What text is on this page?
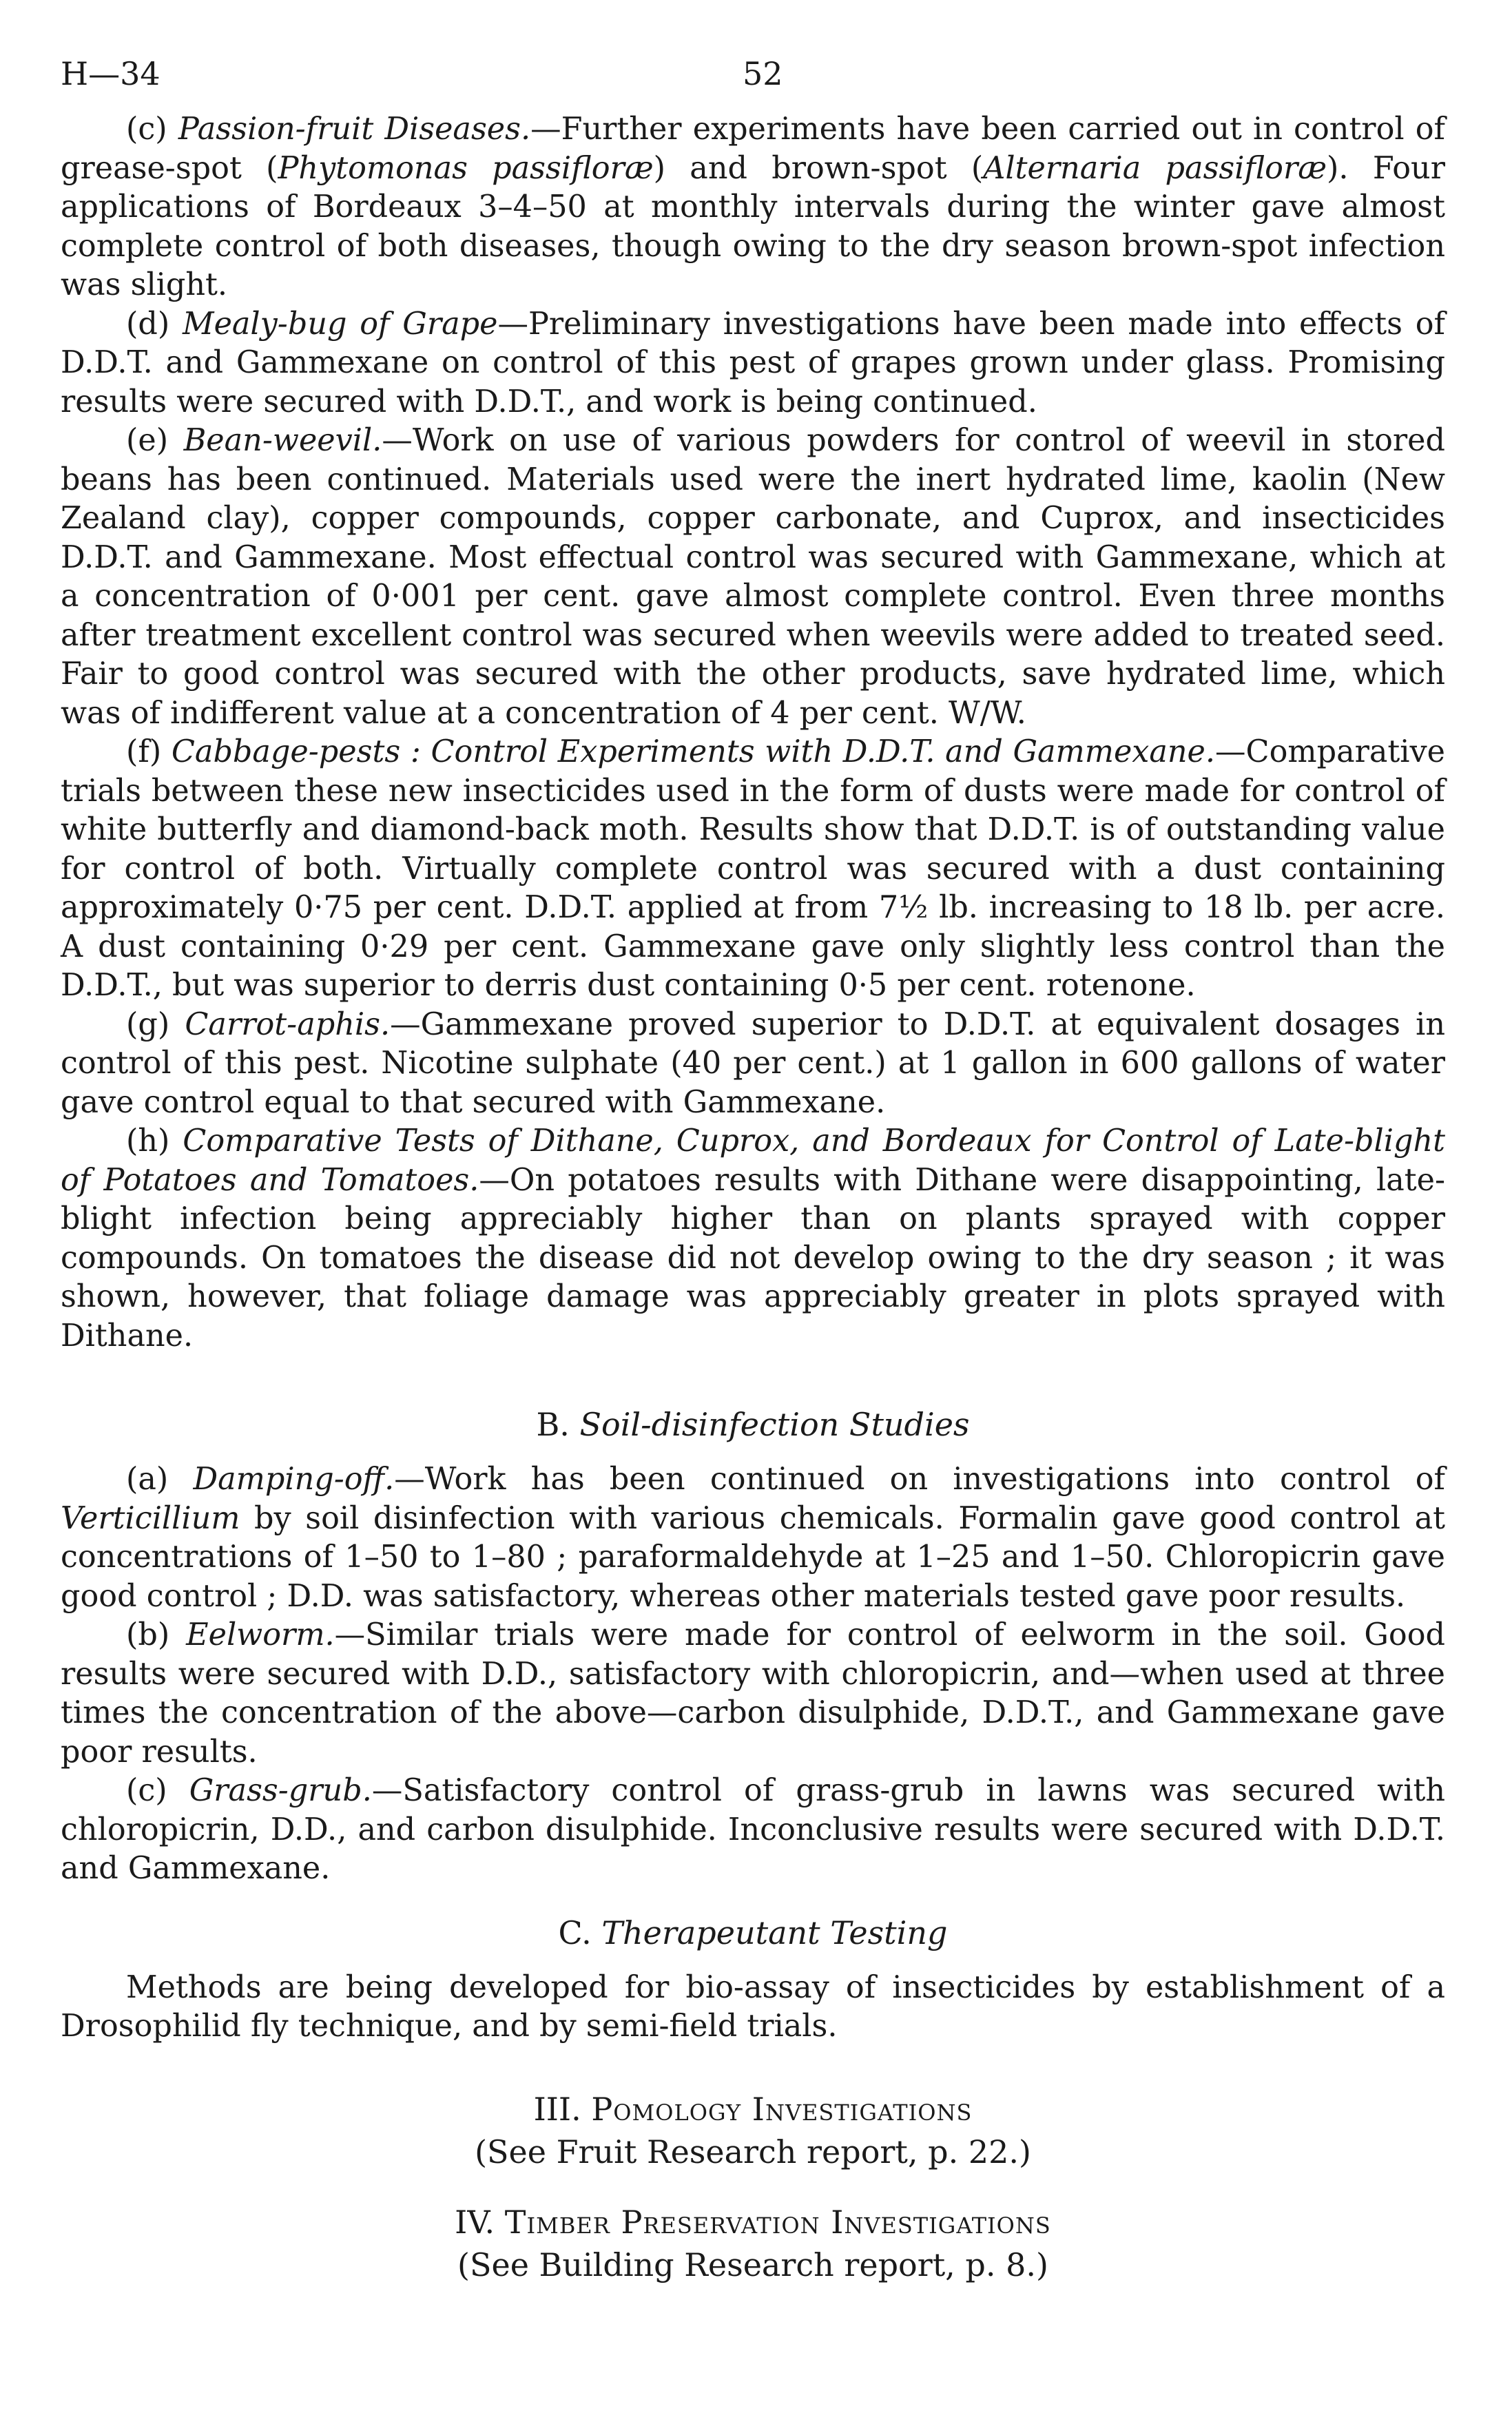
H—34	52

(c) Passion-fruit Diseases.—Further experiments have been carried out in control of grease-spot (Phytomonas passifloræ) and brown-spot (Alternaria passifloræ). Four applications of Bordeaux 3–4–50 at monthly intervals during the winter gave almost complete control of both diseases, though owing to the dry season brown-spot infection was slight.

(d) Mealy-bug of Grape—Preliminary investigations have been made into effects of D.D.T. and Gammexane on control of this pest of grapes grown under glass. Promising results were secured with D.D.T., and work is being continued.

(e) Bean-weevil.—Work on use of various powders for control of weevil in stored beans has been continued. Materials used were the inert hydrated lime, kaolin (New Zealand clay), copper compounds, copper carbonate, and Cuprox, and insecticides D.D.T. and Gammexane. Most effectual control was secured with Gammexane, which at a concentration of 0·001 per cent. gave almost complete control. Even three months after treatment excellent control was secured when weevils were added to treated seed. Fair to good control was secured with the other products, save hydrated lime, which was of indifferent value at a concentration of 4 per cent. W/W.

(f) Cabbage-pests : Control Experiments with D.D.T. and Gammexane.—Comparative trials between these new insecticides used in the form of dusts were made for control of white butterfly and diamond-back moth. Results show that D.D.T. is of outstanding value for control of both. Virtually complete control was secured with a dust containing approximately 0·75 per cent. D.D.T. applied at from 7½ lb. increasing to 18 lb. per acre. A dust containing 0·29 per cent. Gammexane gave only slightly less control than the D.D.T., but was superior to derris dust containing 0·5 per cent. rotenone.

(g) Carrot-aphis.—Gammexane proved superior to D.D.T. at equivalent dosages in control of this pest. Nicotine sulphate (40 per cent.) at 1 gallon in 600 gallons of water gave control equal to that secured with Gammexane.

(h) Comparative Tests of Dithane, Cuprox, and Bordeaux for Control of Late-blight of Potatoes and Tomatoes.—On potatoes results with Dithane were disappointing, late-blight infection being appreciably higher than on plants sprayed with copper compounds. On tomatoes the disease did not develop owing to the dry season ; it was shown, however, that foliage damage was appreciably greater in plots sprayed with Dithane.

B. Soil-disinfection Studies

(a) Damping-off.—Work has been continued on investigations into control of Verticillium by soil disinfection with various chemicals. Formalin gave good control at concentrations of 1–50 to 1–80 ; paraformaldehyde at 1–25 and 1–50. Chloropicrin gave good control ; D.D. was satisfactory, whereas other materials tested gave poor results.

(b) Eelworm.—Similar trials were made for control of eelworm in the soil. Good results were secured with D.D., satisfactory with chloropicrin, and—when used at three times the concentration of the above—carbon disulphide, D.D.T., and Gammexane gave poor results.

(c) Grass-grub.—Satisfactory control of grass-grub in lawns was secured with chloropicrin, D.D., and carbon disulphide. Inconclusive results were secured with D.D.T. and Gammexane.

C. Therapeutant Testing

Methods are being developed for bio-assay of insecticides by establishment of a Drosophilid fly technique, and by semi-field trials.

III. Pomology Investigations
(See Fruit Research report, p. 22.)
IV. Timber Preservation Investigations
(See Building Research report, p. 8.)
